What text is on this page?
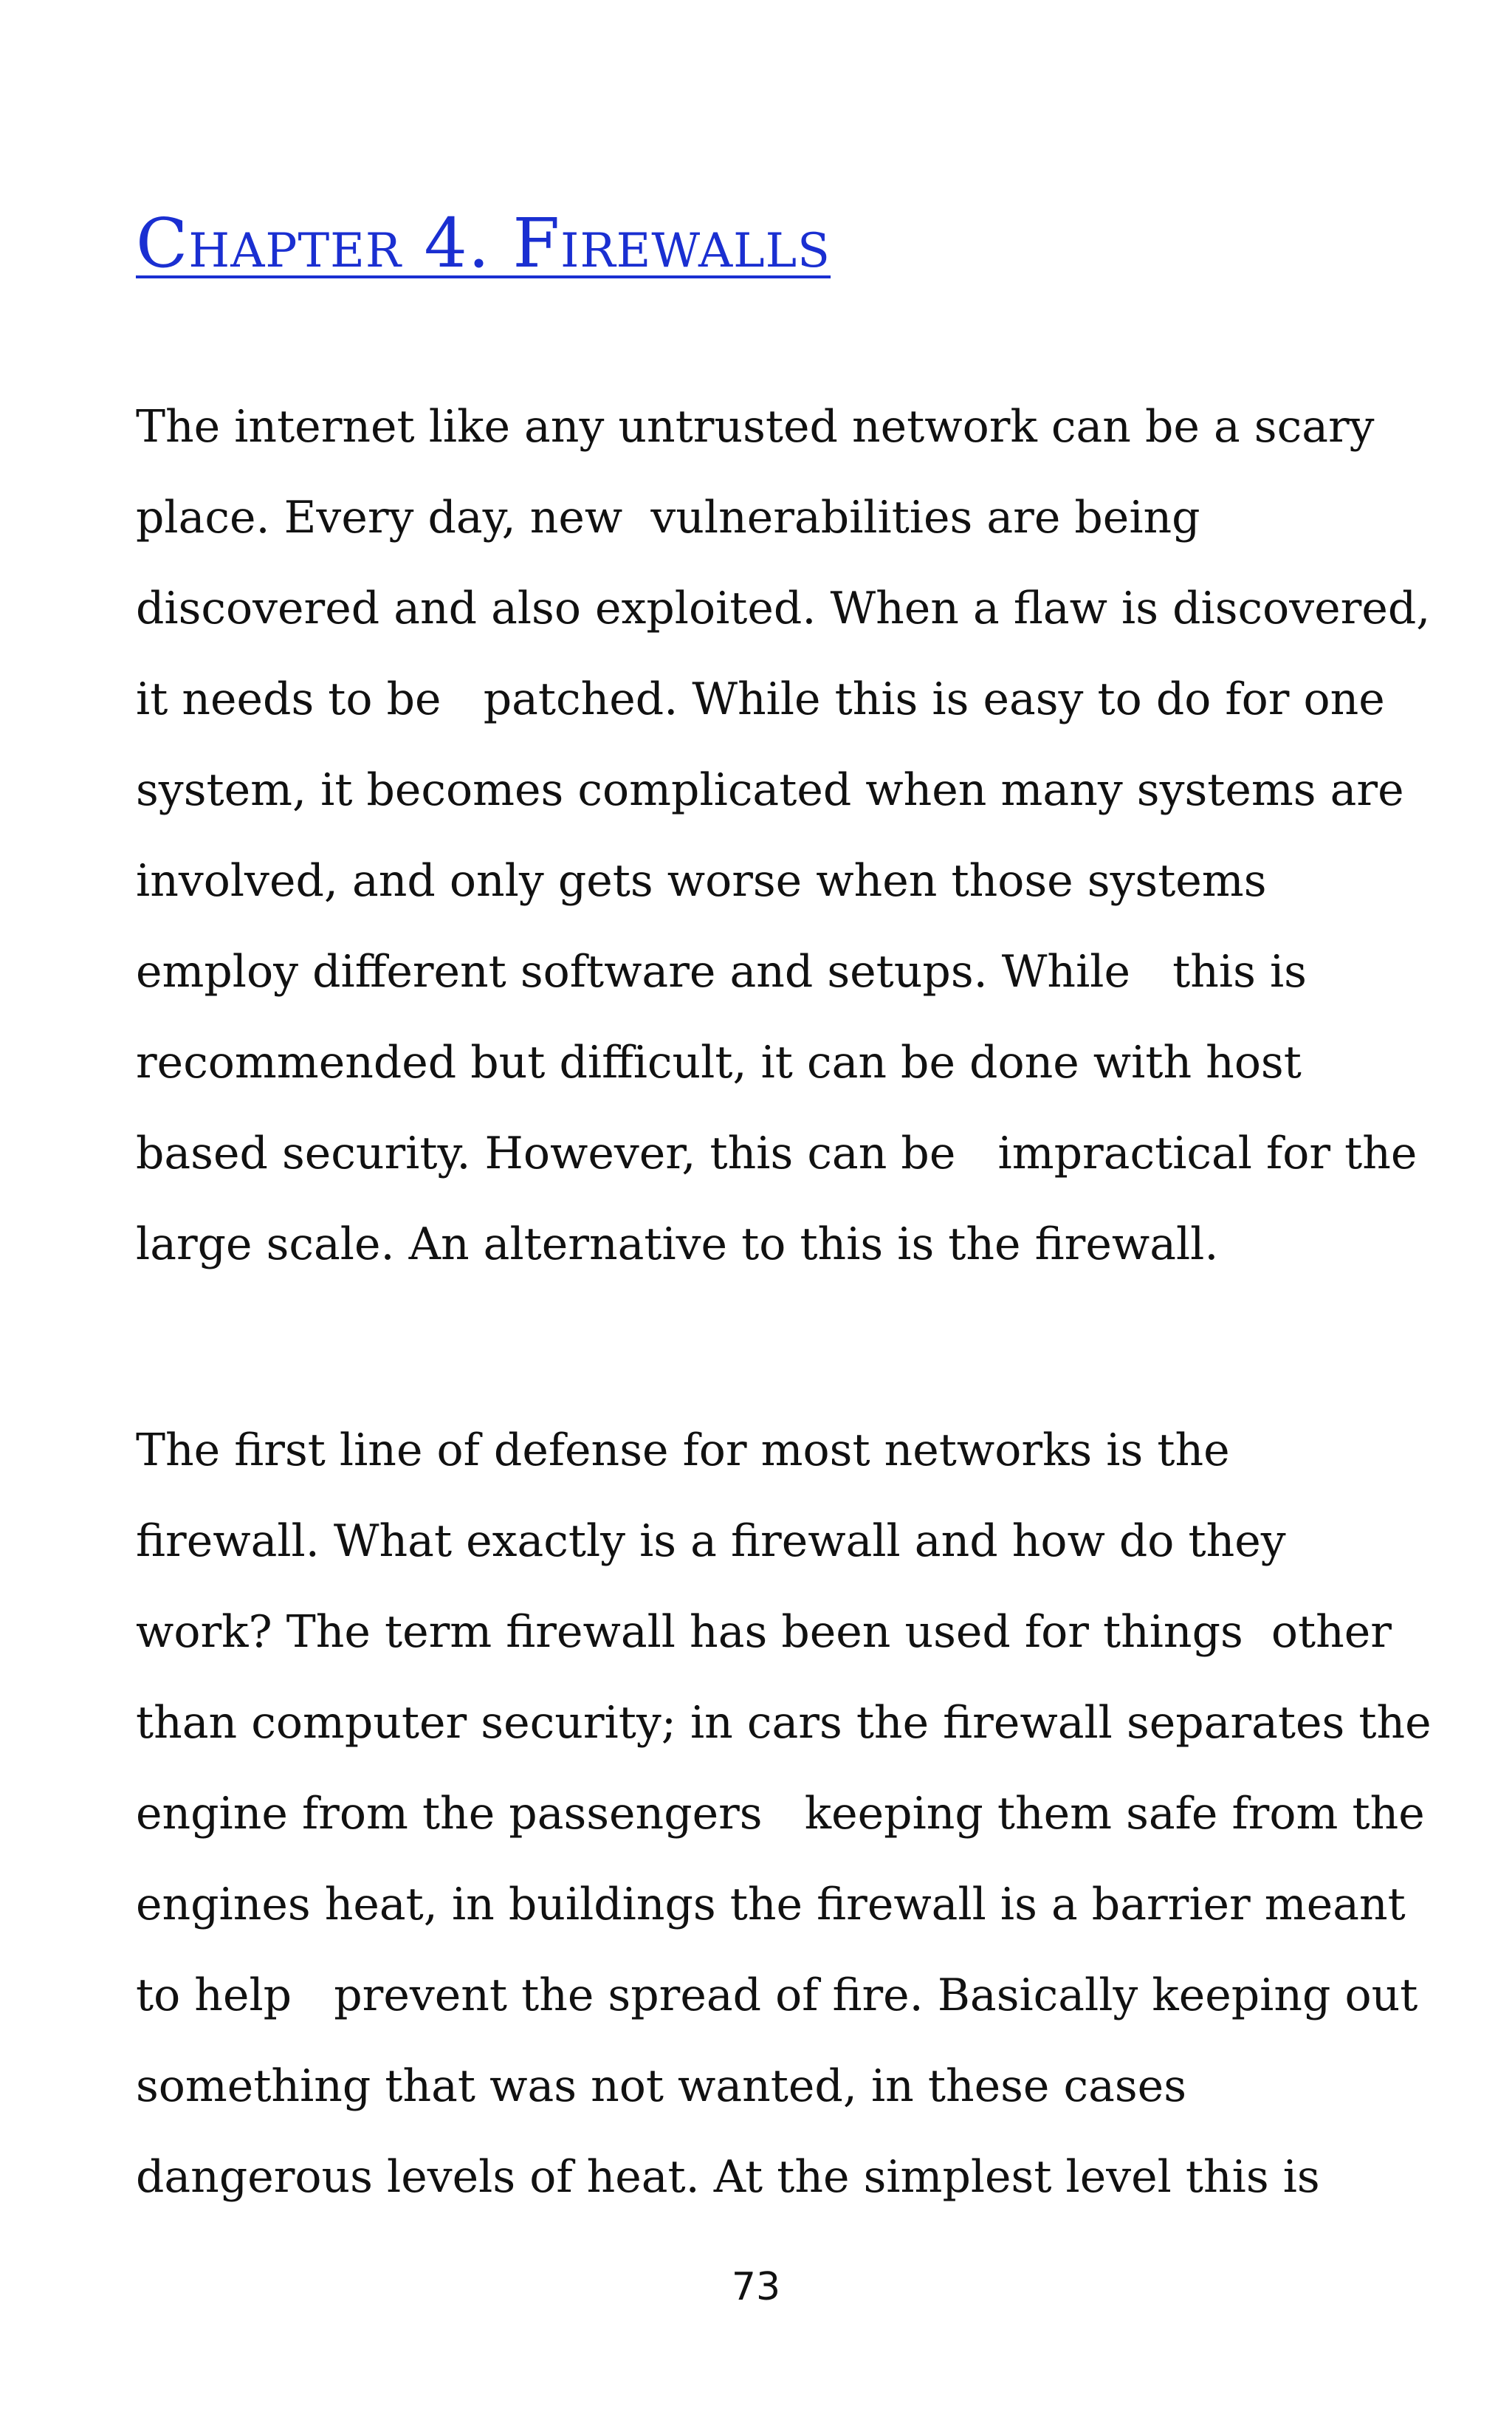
Chapter 4. Firewalls
The internet like any untrusted network can be a scary
place. Every day, new  vulnerabilities are being
discovered and also exploited. When a flaw is discovered,
it needs to be   patched. While this is easy to do for one
system, it becomes complicated when many systems are
involved, and only gets worse when those systems
employ different software and setups. While   this is
recommended but difficult, it can be done with host
based security. However, this can be   impractical for the
large scale. An alternative to this is the firewall.
The first line of defense for most networks is the
firewall. What exactly is a firewall and how do they
work? The term firewall has been used for things  other
than computer security; in cars the firewall separates the
engine from the passengers   keeping them safe from the
engines heat, in buildings the firewall is a barrier meant
to help   prevent the spread of fire. Basically keeping out
something that was not wanted, in these cases
dangerous levels of heat. At the simplest level this is
73
